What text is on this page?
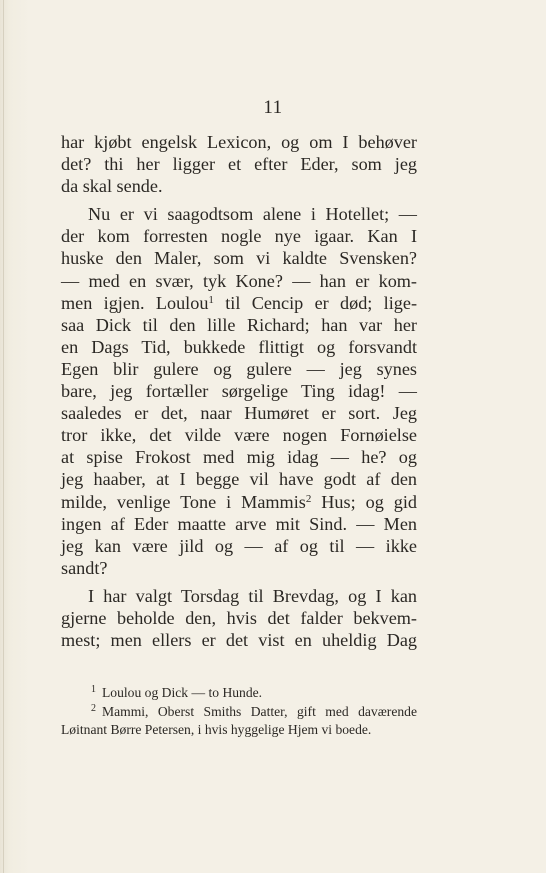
11
har kjøbt engelsk Lexicon, og om I behøver
det? thi her ligger et efter Eder, som jeg
da skal sende.
Nu er vi saagodtsom alene i Hotellet; —
der kom forresten nogle nye igaar. Kan I
huske den Maler, som vi kaldte Svensken?
— med en svær, tyk Kone? — han er kom-
men igjen. Loulou$^1$ til Cencip er død; lige-
saa Dick til den lille Richard; han var her
en Dags Tid, bukkede flittigt og forsvandt
Egen blir gulere og gulere — jeg synes
bare, jeg fortæller sørgelige Ting idag! —
saaledes er det, naar Humøret er sort. Jeg
tror ikke, det vilde være nogen Fornøielse
at spise Frokost med mig idag — he? og
jeg haaber, at I begge vil have godt af den
milde, venlige Tone i Mammis$^2$ Hus; og gid
ingen af Eder maatte arve mit Sind. — Men
jeg kan være jild og — af og til — ikke
sandt?
I har valgt Torsdag til Brevdag, og I kan
gjerne beholde den, hvis det falder bekvem-
mest; men ellers er det vist en uheldig Dag
$^1$ Loulou og Dick — to Hunde.
$^2$ Mammi, Oberst Smiths Datter, gift med daværende
Løitnant Børre Petersen, i hvis hyggelige Hjem vi boede.
